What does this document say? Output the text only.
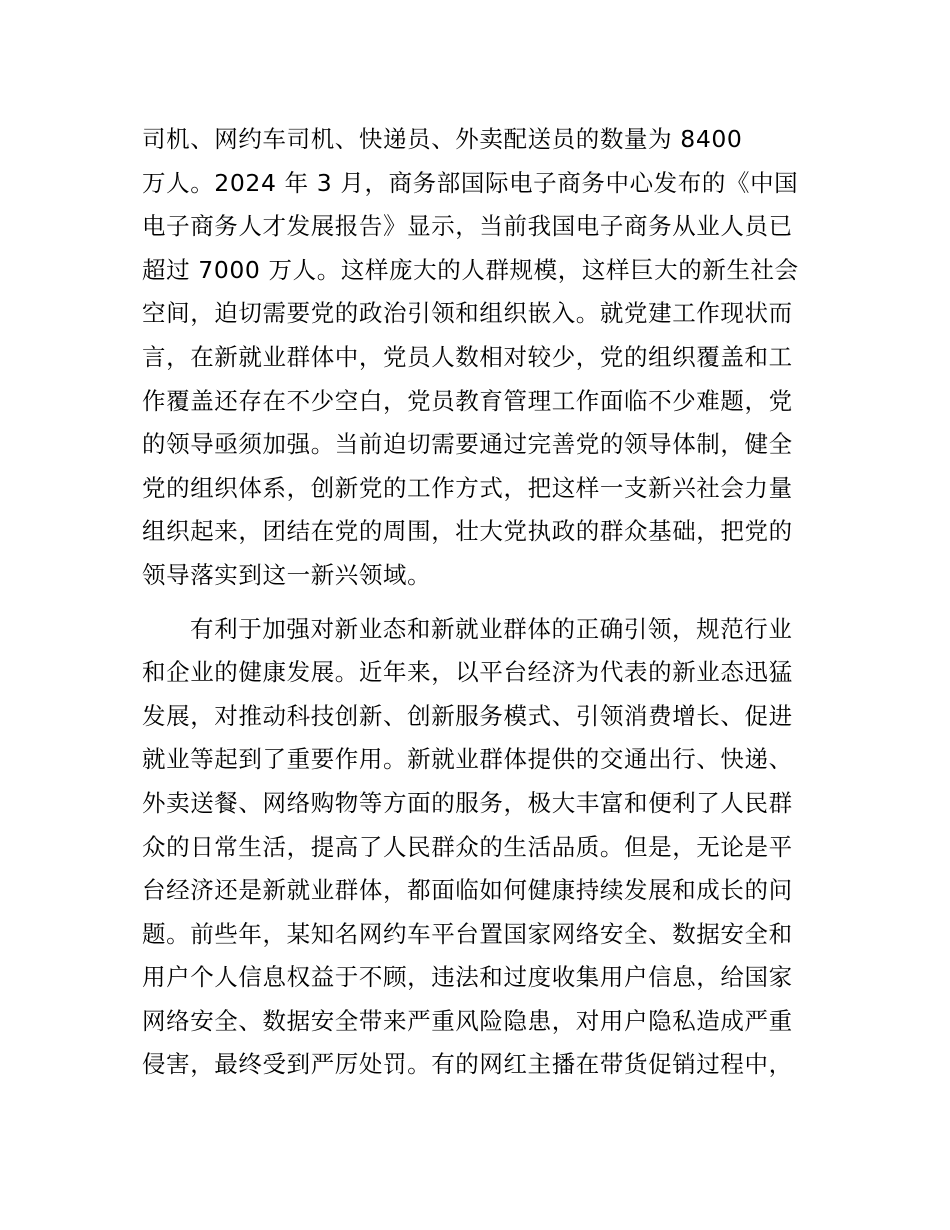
司机、网约车司机、快递员、外卖配送员的数量为 8400
万人。2024 年 3 月，商务部国际电子商务中心发布的《中国
电子商务人才发展报告》显示，当前我国电子商务从业人员已
超过 7000 万人。这样庞大的人群规模，这样巨大的新生社会
空间，迫切需要党的政治引领和组织嵌入。就党建工作现状而
言，在新就业群体中，党员人数相对较少，党的组织覆盖和工
作覆盖还存在不少空白，党员教育管理工作面临不少难题，党
的领导亟须加强。当前迫切需要通过完善党的领导体制，健全
党的组织体系，创新党的工作方式，把这样一支新兴社会力量
组织起来，团结在党的周围，壮大党执政的群众基础，把党的
领导落实到这一新兴领域。

有利于加强对新业态和新就业群体的正确引领，规范行业
和企业的健康发展。近年来，以平台经济为代表的新业态迅猛
发展，对推动科技创新、创新服务模式、引领消费增长、促进
就业等起到了重要作用。新就业群体提供的交通出行、快递、
外卖送餐、网络购物等方面的服务，极大丰富和便利了人民群
众的日常生活，提高了人民群众的生活品质。但是，无论是平
台经济还是新就业群体，都面临如何健康持续发展和成长的问
题。前些年，某知名网约车平台置国家网络安全、数据安全和
用户个人信息权益于不顾，违法和过度收集用户信息，给国家
网络安全、数据安全带来严重风险隐患，对用户隐私造成严重
侵害，最终受到严厉处罚。有的网红主播在带货促销过程中，
